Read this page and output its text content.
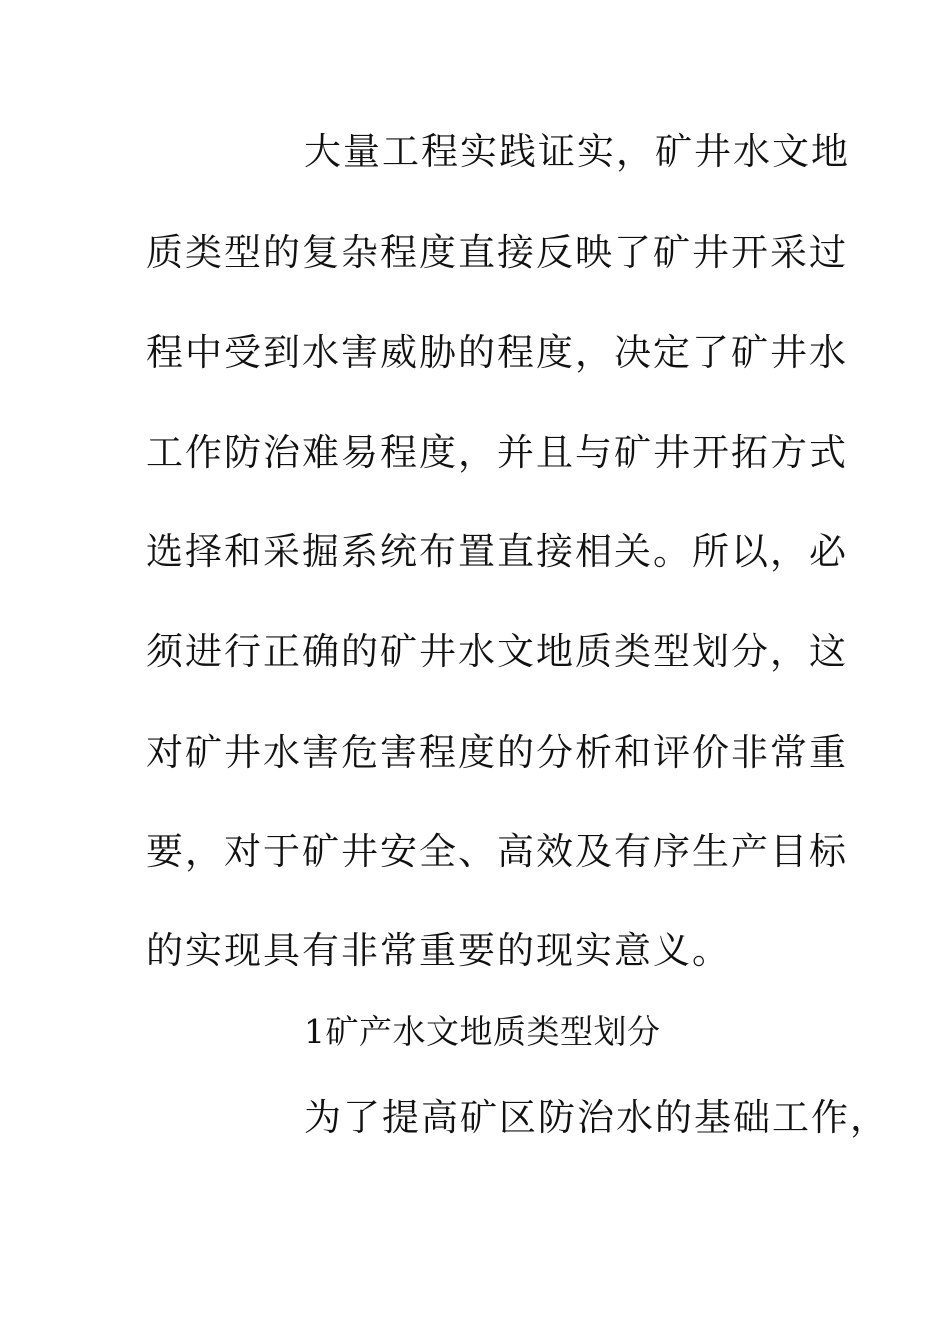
大量工程实践证实，矿井水文地
质类型的复杂程度直接反映了矿井开采过
程中受到水害威胁的程度，决定了矿井水
工作防治难易程度，并且与矿井开拓方式
选择和采掘系统布置直接相关。所以，必
须进行正确的矿井水文地质类型划分，这
对矿井水害危害程度的分析和评价非常重
要，对于矿井安全、高效及有序生产目标
的实现具有非常重要的现实意义。
1矿产水文地质类型划分
为了提高矿区防治水的基础工作，
